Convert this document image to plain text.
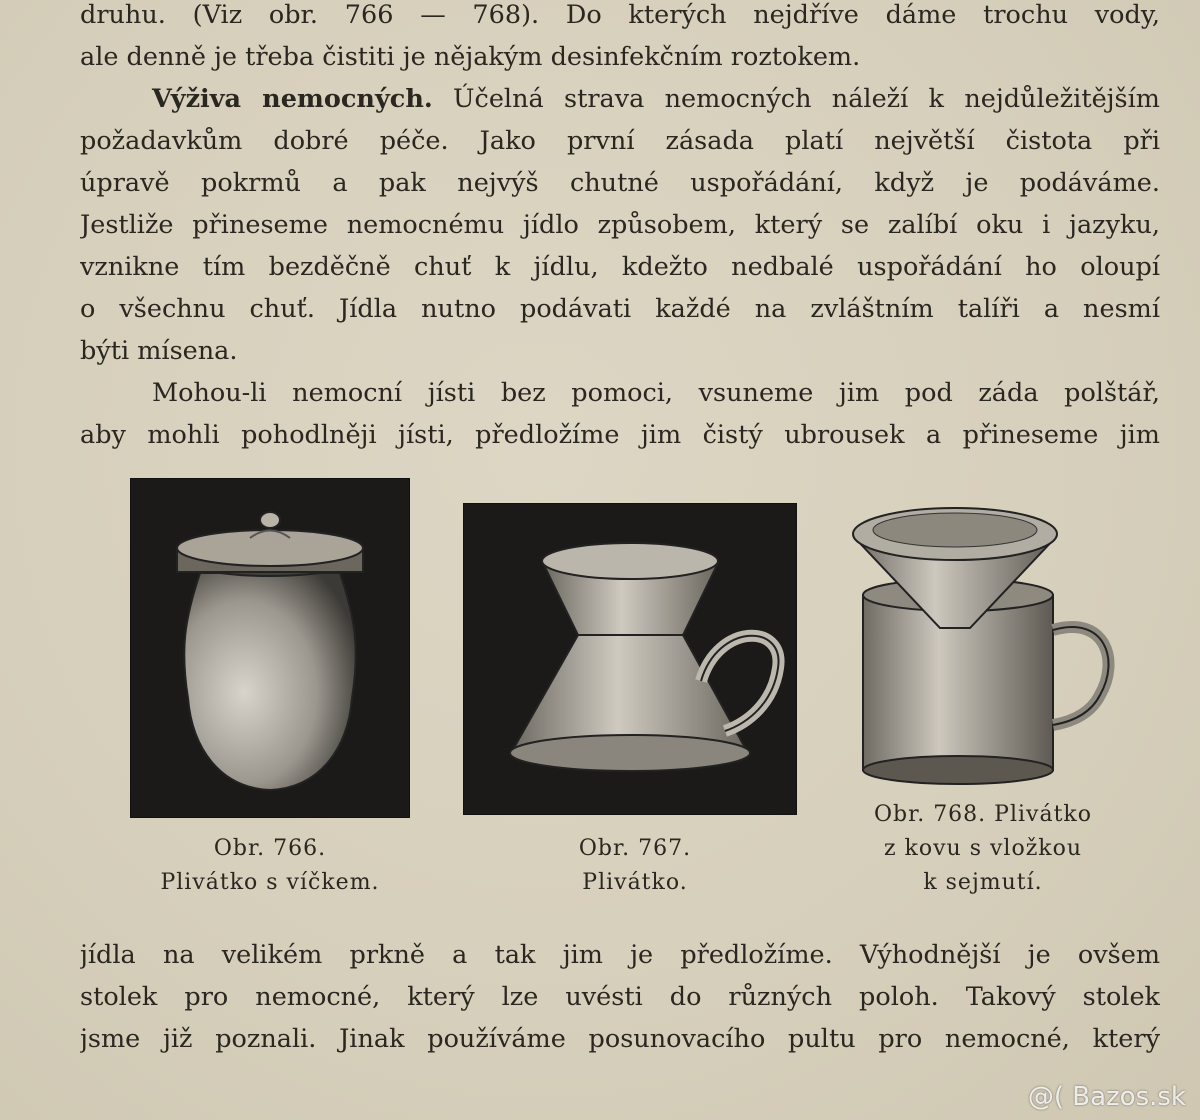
druhu. (Viz obr. 766 — 768). Do kterých nejdříve dáme trochu vody,
ale denně je třeba čistiti je nějakým desinfekčním roztokem.
Výživa nemocných. Účelná strava nemocných náleží k nejdůležitějším
požadavkům dobré péče. Jako první zásada platí největší čistota při
úpravě pokrmů a pak nejvýš chutné uspořádání, když je podáváme.
Jestliže přineseme nemocnému jídlo způsobem, který se zalíbí oku i jazyku,
vznikne tím bezděčně chuť k jídlu, kdežto nedbalé uspořádání ho oloupí
o všechnu chuť. Jídla nutno podávati každé na zvláštním talíři a nesmí
býti mísena.
Mohou-li nemocní jísti bez pomoci, vsuneme jim pod záda polštář,
aby mohli pohodlněji jísti, předložíme jim čistý ubrousek a přineseme jim
Obr. 766.
Plivátko s víčkem.
Obr. 767.
Plivátko.
Obr. 768. Plivátko
z kovu s vložkou
k sejmutí.
jídla na velikém prkně a tak jim je předložíme. Výhodnější je ovšem
stolek pro nemocné, který lze uvésti do různých poloh. Takový stolek
jsme již poznali. Jinak používáme posunovacího pultu pro nemocné, který
@( Bazos.sk
